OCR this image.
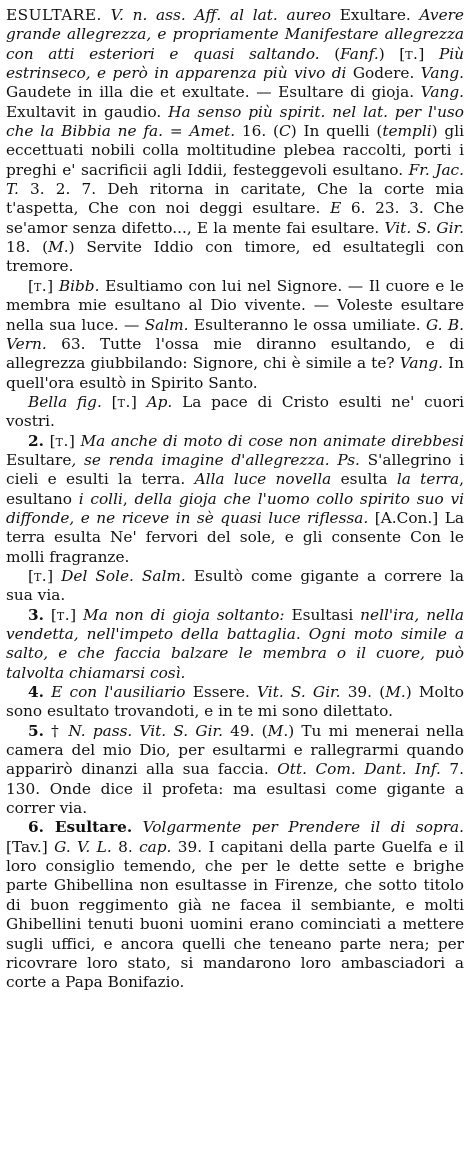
ESULTARE. V. n. ass. Aff. al lat. aureo Exultare. Avere grande allegrezza, e propriamente Manifestare allegrezza con atti esteriori e quasi saltando. (Fanf.) [t.] Più estrinseco, e però in apparenza più vivo di Godere. Vang. Gaudete in illa die et exultate. — Esultare di gioja. Vang. Exultavit in gaudio. Ha senso più spirit. nel lat. per l'uso che la Bibbia ne fa. = Amet. 16. (C) In quelli (templi) gli eccettuati nobili colla moltitudine plebea raccolti, porti i preghi e' sacrificii agli Iddii, festeggevoli esultano. Fr. Jac. T. 3. 2. 7. Deh ritorna in caritate, Che la corte mia t'aspetta, Che con noi deggi esultare. E 6. 23. 3. Che se'amor senza difetto..., E la mente fai esultare. Vit. S. Gir. 18. (M.) Servite Iddio con timore, ed esultategli con tremore.

[t.] Bibb. Esultiamo con lui nel Signore. — Il cuore e le membra mie esultano al Dio vivente. — Voleste esultare nella sua luce. — Salm. Esulteranno le ossa umiliate. G. B. Vern. 63. Tutte l'ossa mie diranno esultando, e di allegrezza giubbilando: Signore, chi è simile a te? Vang. In quell'ora esultò in Spirito Santo.

Bella fig. [t.] Ap. La pace di Cristo esulti ne' cuori vostri.

2. [t.] Ma anche di moto di cose non animate direbbesi Esultare, se renda imagine d'allegrezza. Ps. S'allegrino i cieli e esulti la terra. Alla luce novella esulta la terra, esultano i colli, della gioja che l'uomo collo spirito suo vi diffonde, e ne riceve in sè quasi luce riflessa. [A.Con.] La terra esulta Ne' fervori del sole, e gli consente Con le molli fragranze.

[t.] Del Sole. Salm. Esultò come gigante a correre la sua via.

3. [t.] Ma non di gioja soltanto: Esultasi nell'ira, nella vendetta, nell'impeto della battaglia. Ogni moto simile a salto, e che faccia balzare le membra o il cuore, può talvolta chiamarsi così.

4. E con l'ausiliario Essere. Vit. S. Gir. 39. (M.) Molto sono esultato trovandoti, e in te mi sono dilettato.

5. † N. pass. Vit. S. Gir. 49. (M.) Tu mi menerai nella camera del mio Dio, per esultarmi e rallegrarmi quando apparirò dinanzi alla sua faccia. Ott. Com. Dant. Inf. 7. 130. Onde dice il profeta: ma esultasi come gigante a correr via.

6. Esultare. Volgarmente per Prendere il di sopra. [Tav.] G. V. L. 8. cap. 39. I capitani della parte Guelfa e il loro consiglio temendo, che per le dette sette e brighe parte Ghibellina non esultasse in Firenze, che sotto titolo di buon reggimento già ne facea il sembiante, e molti Ghibellini tenuti buoni uomini erano cominciati a mettere sugli uffici, e ancora quelli che teneano parte nera; per ricovrare loro stato, si mandarono loro ambasciadori a corte a Papa Bonifazio.
